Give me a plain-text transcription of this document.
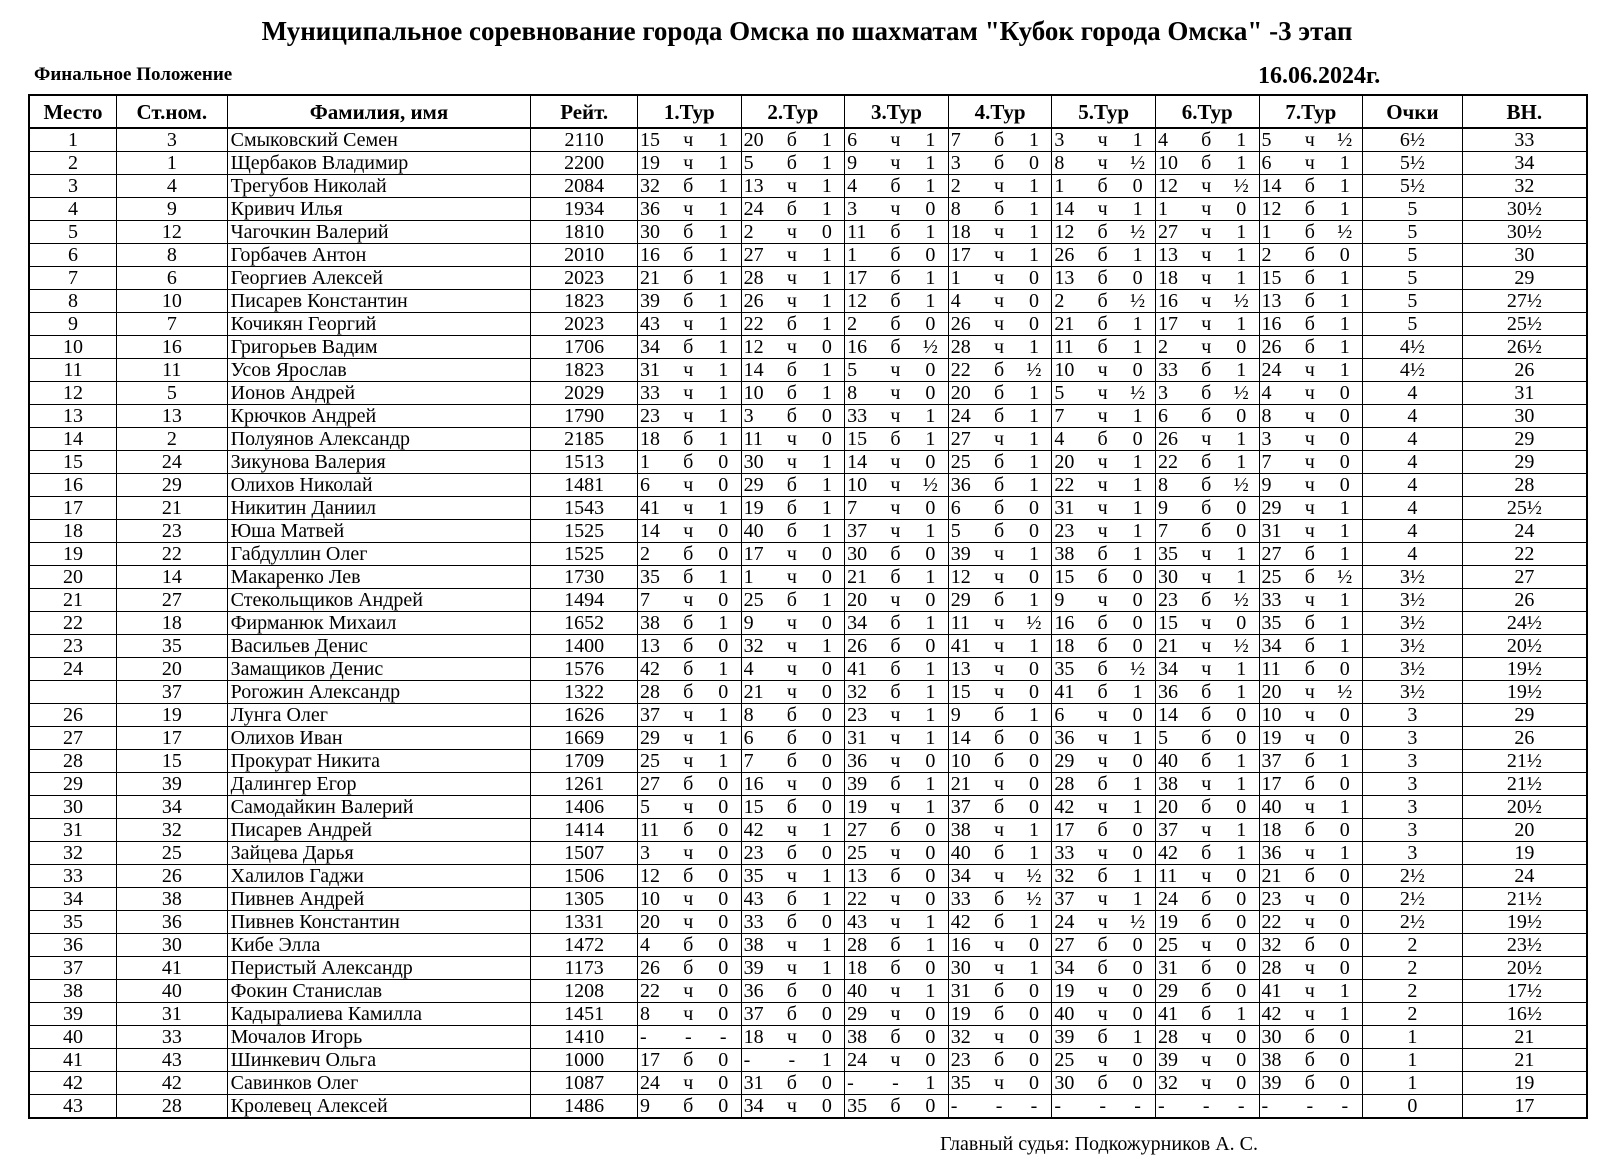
Муниципальное соревнование города Омска по шахматам "Кубок города Омска" -3 этап
Финальное Положение	16.06.2024г.
Место	Ст.ном.	Фамилия, имя	Рейт.	1.Тур			2.Тур			3.Тур			4.Тур			5.Тур			6.Тур			7.Тур			Очки	ВН.
1	3	Смыковский Семен	2110	15	ч	1	20	б	1	6	ч	1	7	б	1	3	ч	1	4	б	1	5	ч	½	6½	33
2	1	Щербаков Владимир	2200	19	ч	1	5	б	1	9	ч	1	3	б	0	8	ч	½	10	б	1	6	ч	1	5½	34
3	4	Трегубов Николай	2084	32	б	1	13	ч	1	4	б	1	2	ч	1	1	б	0	12	ч	½	14	б	1	5½	32
4	9	Кривич Илья	1934	36	ч	1	24	б	1	3	ч	0	8	б	1	14	ч	1	1	ч	0	12	б	1	5	30½
5	12	Чагочкин Валерий	1810	30	б	1	2	ч	0	11	б	1	18	ч	1	12	б	½	27	ч	1	1	б	½	5	30½
6	8	Горбачев Антон	2010	16	б	1	27	ч	1	1	б	0	17	ч	1	26	б	1	13	ч	1	2	б	0	5	30
7	6	Георгиев Алексей	2023	21	б	1	28	ч	1	17	б	1	1	ч	0	13	б	0	18	ч	1	15	б	1	5	29
8	10	Писарев Константин	1823	39	б	1	26	ч	1	12	б	1	4	ч	0	2	б	½	16	ч	½	13	б	1	5	27½
9	7	Кочикян Георгий	2023	43	ч	1	22	б	1	2	б	0	26	ч	0	21	б	1	17	ч	1	16	б	1	5	25½
10	16	Григорьев Вадим	1706	34	б	1	12	ч	0	16	б	½	28	ч	1	11	б	1	2	ч	0	26	б	1	4½	26½
11	11	Усов Ярослав	1823	31	ч	1	14	б	1	5	ч	0	22	б	½	10	ч	0	33	б	1	24	ч	1	4½	26
12	5	Ионов Андрей	2029	33	ч	1	10	б	1	8	ч	0	20	б	1	5	ч	½	3	б	½	4	ч	0	4	31
13	13	Крючков Андрей	1790	23	ч	1	3	б	0	33	ч	1	24	б	1	7	ч	1	6	б	0	8	ч	0	4	30
14	2	Полуянов Александр	2185	18	б	1	11	ч	0	15	б	1	27	ч	1	4	б	0	26	ч	1	3	ч	0	4	29
15	24	Зикунова Валерия	1513	1	б	0	30	ч	1	14	ч	0	25	б	1	20	ч	1	22	б	1	7	ч	0	4	29
16	29	Олихов Николай	1481	6	ч	0	29	б	1	10	ч	½	36	б	1	22	ч	1	8	б	½	9	ч	0	4	28
17	21	Никитин Даниил	1543	41	ч	1	19	б	1	7	ч	0	6	б	0	31	ч	1	9	б	0	29	ч	1	4	25½
18	23	Юша Матвей	1525	14	ч	0	40	б	1	37	ч	1	5	б	0	23	ч	1	7	б	0	31	ч	1	4	24
19	22	Габдуллин Олег	1525	2	б	0	17	ч	0	30	б	0	39	ч	1	38	б	1	35	ч	1	27	б	1	4	22
20	14	Макаренко Лев	1730	35	б	1	1	ч	0	21	б	1	12	ч	0	15	б	0	30	ч	1	25	б	½	3½	27
21	27	Стекольщиков Андрей	1494	7	ч	0	25	б	1	20	ч	0	29	б	1	9	ч	0	23	б	½	33	ч	1	3½	26
22	18	Фирманюк Михаил	1652	38	б	1	9	ч	0	34	б	1	11	ч	½	16	б	0	15	ч	0	35	б	1	3½	24½
23	35	Васильев Денис	1400	13	б	0	32	ч	1	26	б	0	41	ч	1	18	б	0	21	ч	½	34	б	1	3½	20½
24	20	Замащиков Денис	1576	42	б	1	4	ч	0	41	б	1	13	ч	0	35	б	½	34	ч	1	11	б	0	3½	19½
	37	Рогожин Александр	1322	28	б	0	21	ч	0	32	б	1	15	ч	0	41	б	1	36	б	1	20	ч	½	3½	19½
26	19	Лунга Олег	1626	37	ч	1	8	б	0	23	ч	1	9	б	1	6	ч	0	14	б	0	10	ч	0	3	29
27	17	Олихов Иван	1669	29	ч	1	6	б	0	31	ч	1	14	б	0	36	ч	1	5	б	0	19	ч	0	3	26
28	15	Прокурат Никита	1709	25	ч	1	7	б	0	36	ч	0	10	б	0	29	ч	0	40	б	1	37	б	1	3	21½
29	39	Далингер Егор	1261	27	б	0	16	ч	0	39	б	1	21	ч	0	28	б	1	38	ч	1	17	б	0	3	21½
30	34	Самодайкин Валерий	1406	5	ч	0	15	б	0	19	ч	1	37	б	0	42	ч	1	20	б	0	40	ч	1	3	20½
31	32	Писарев Андрей	1414	11	б	0	42	ч	1	27	б	0	38	ч	1	17	б	0	37	ч	1	18	б	0	3	20
32	25	Зайцева Дарья	1507	3	ч	0	23	б	0	25	ч	0	40	б	1	33	ч	0	42	б	1	36	ч	1	3	19
33	26	Халилов Гаджи	1506	12	б	0	35	ч	1	13	б	0	34	ч	½	32	б	1	11	ч	0	21	б	0	2½	24
34	38	Пивнев Андрей	1305	10	ч	0	43	б	1	22	ч	0	33	б	½	37	ч	1	24	б	0	23	ч	0	2½	21½
35	36	Пивнев Константин	1331	20	ч	0	33	б	0	43	ч	1	42	б	1	24	ч	½	19	б	0	22	ч	0	2½	19½
36	30	Кибе Элла	1472	4	б	0	38	ч	1	28	б	1	16	ч	0	27	б	0	25	ч	0	32	б	0	2	23½
37	41	Перистый Александр	1173	26	б	0	39	ч	1	18	б	0	30	ч	1	34	б	0	31	б	0	28	ч	0	2	20½
38	40	Фокин Станислав	1208	22	ч	0	36	б	0	40	ч	1	31	б	0	19	ч	0	29	б	0	41	ч	1	2	17½
39	31	Кадыралиева Камилла	1451	8	ч	0	37	б	0	29	ч	0	19	б	0	40	ч	0	41	б	1	42	ч	1	2	16½
40	33	Мочалов Игорь	1410	-	-	-	18	ч	0	38	б	0	32	ч	0	39	б	1	28	ч	0	30	б	0	1	21
41	43	Шинкевич Ольга	1000	17	б	0	-	-	1	24	ч	0	23	б	0	25	ч	0	39	ч	0	38	б	0	1	21
42	42	Савинков Олег	1087	24	ч	0	31	б	0	-	-	1	35	ч	0	30	б	0	32	ч	0	39	б	0	1	19
43	28	Кролевец Алексей	1486	9	б	0	34	ч	0	35	б	0	-	-	-	-	-	-	-	-	-	-	-	-	0	17
Главный судья: Подкожурников А. С.
